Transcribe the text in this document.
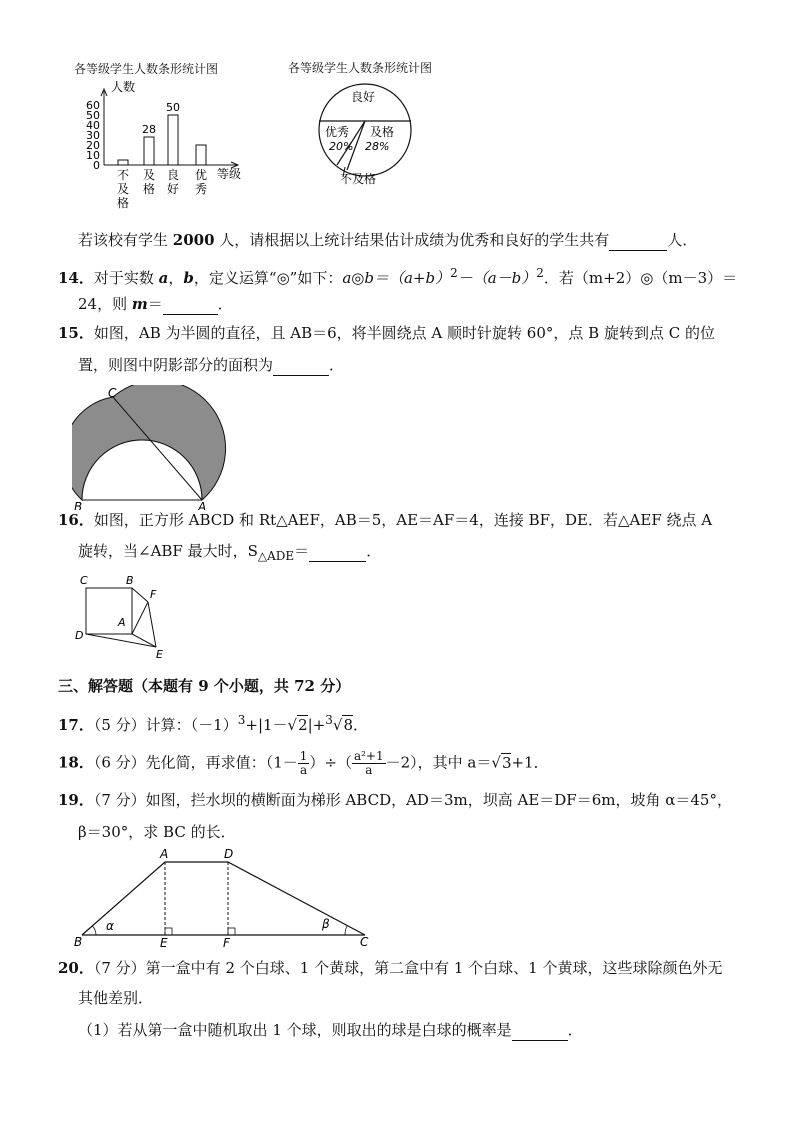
各等级学生人数条形统计图
人数
等级
60
50
40
30
20
10
0
不
及
格
及
格
良
好
优
秀
28
50
各等级学生人数条形统计图
良好
优秀
20%
及格
28%
不及格
若该校有学生 2000 人，请根据以上统计结果估计成绩为优秀和良好的学生共有	人．
14．对于实数 a，b，定义运算“◎”如下：$a◎b=(a+b)^2-(a-b)^2$．若（m+2）◎（m－3）＝
24，则 m＝	．
15．如图，AB 为半圆的直径，且 AB＝6，将半圆绕点 A 顺时针旋转 60°，点 B 旋转到点 C 的位
置，则图中阴影部分的面积为	．
C
B	A
16．如图，正方形 ABCD 和 Rt△AEF，AB＝5，AE＝AF＝4，连接 BF，DE．若△AEF 绕点 A
旋转，当∠ABF 最大时，$S_{\triangle ADE}=$	．
C	B
F
A
D
E
三、解答题（本题有 9 个小题，共 72 分）
17．（5 分）计算：$(-1)^3+|1-√2|+^3√8$．
18．（6 分）先化简，再求值：（$1- \frac{1}{a}$ ）÷（ $\frac{\text{a²+1}}{a} -2$），其中 a＝√3+1．
19．（7 分）如图，拦水坝的横断面为梯形 ABCD，AD＝3m，坝高 AE＝DF＝6m，坡角 α＝45°，
β＝30°，求 BC 的长．
A	D
B	E	F	C
α	β
20．（7 分）第一盒中有 2 个白球、1 个黄球，第二盒中有 1 个白球、1 个黄球，这些球除颜色外无
其他差别．
（1）若从第一盒中随机取出 1 个球，则取出的球是白球的概率是	．
